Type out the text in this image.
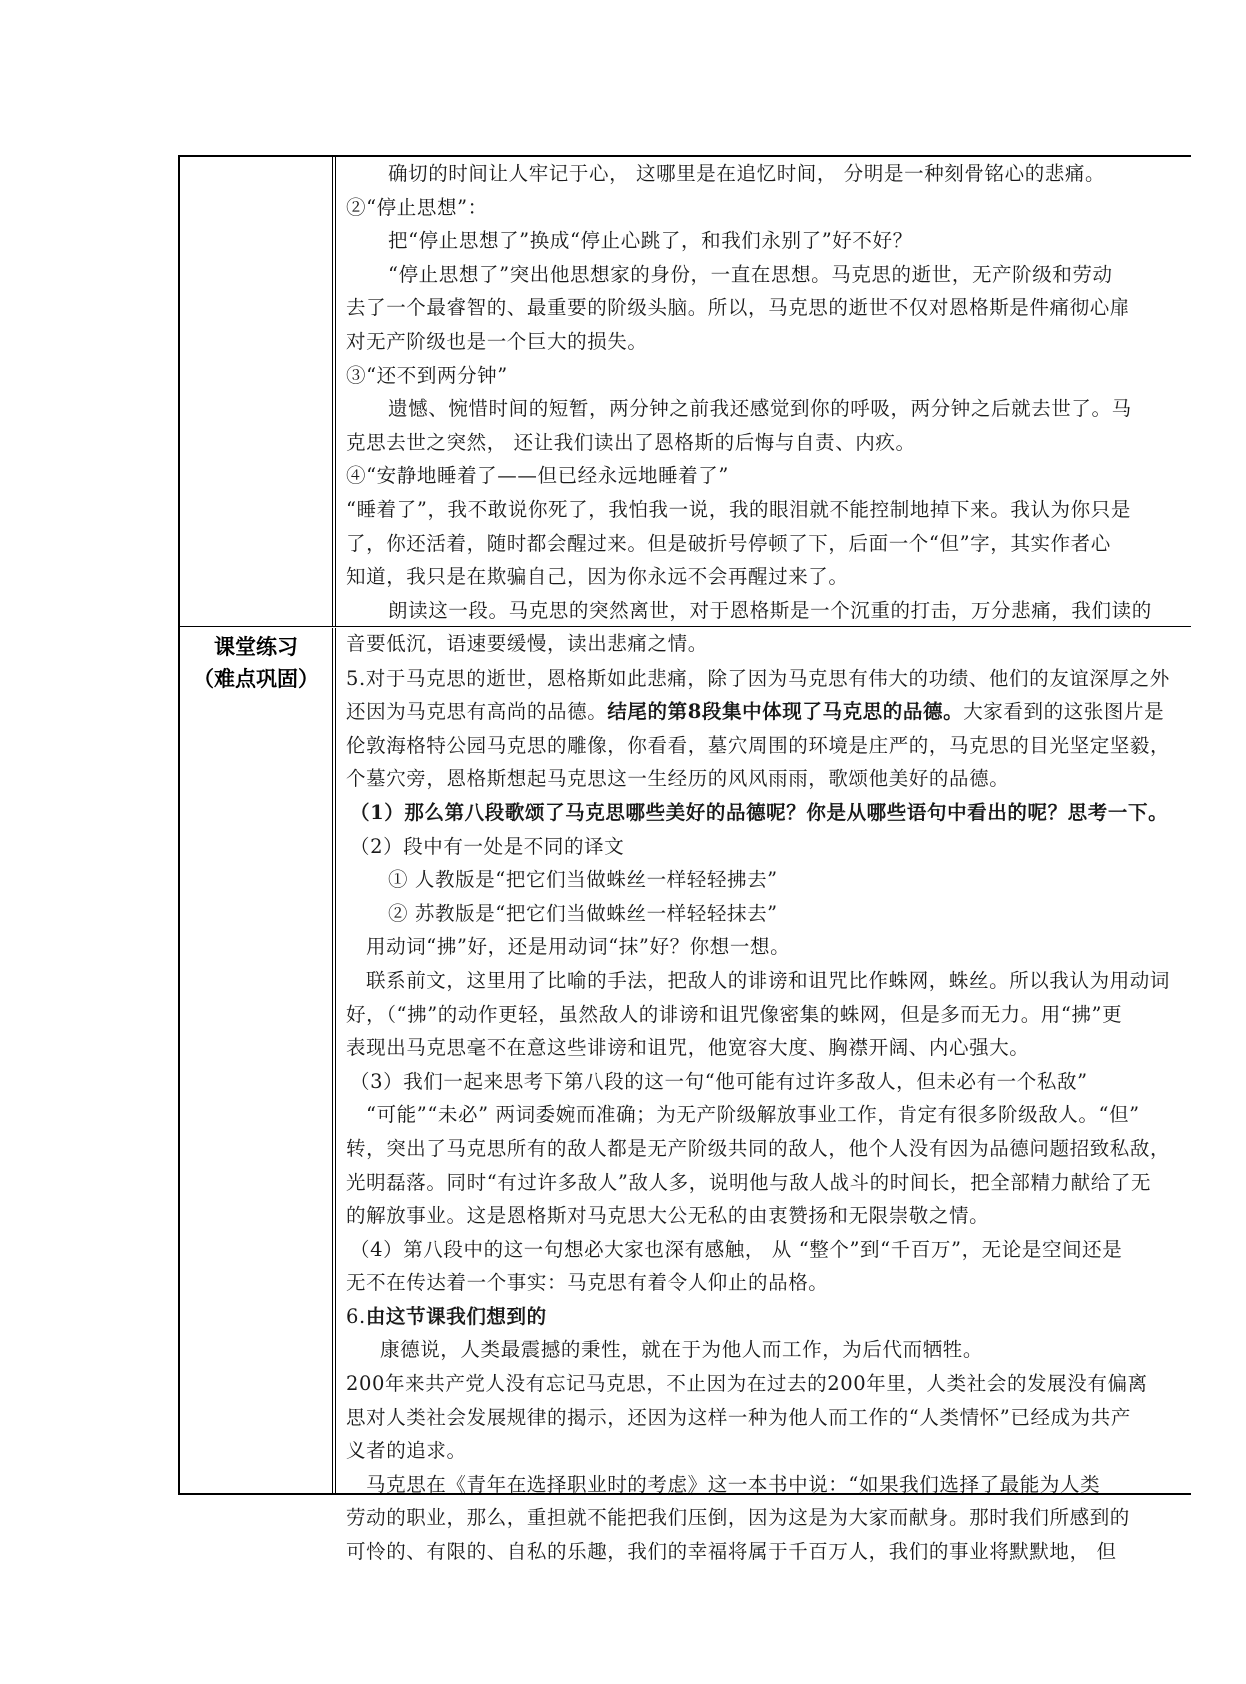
确切的时间让人牢记于心， 这哪里是在追忆时间， 分明是一种刻骨铭心的悲痛。
②“停止思想”：
把“停止思想了”换成“停止心跳了，和我们永别了”好不好？
“停止思想了”突出他思想家的身份，一直在思想。马克思的逝世，无产阶级和劳动
去了一个最睿智的、最重要的阶级头脑。所以，马克思的逝世不仅对恩格斯是件痛彻心扉
对无产阶级也是一个巨大的损失。
③“还不到两分钟”
遗憾、惋惜时间的短暂，两分钟之前我还感觉到你的呼吸，两分钟之后就去世了。马
克思去世之突然， 还让我们读出了恩格斯的后悔与自责、内疚。
④“安静地睡着了——但已经永远地睡着了”
“睡着了”，我不敢说你死了，我怕我一说，我的眼泪就不能控制地掉下来。我认为你只是
了，你还活着，随时都会醒过来。但是破折号停顿了下，后面一个“但”字，其实作者心
知道，我只是在欺骗自己，因为你永远不会再醒过来了。
朗读这一段。马克思的突然离世，对于恩格斯是一个沉重的打击，万分悲痛，我们读的
音要低沉，语速要缓慢，读出悲痛之情。
课堂练习
（难点巩固）	5.对于马克思的逝世，恩格斯如此悲痛，除了因为马克思有伟大的功绩、他们的友谊深厚之外
还因为马克思有高尚的品德。结尾的第8段集中体现了马克思的品德。大家看到的这张图片是
伦敦海格特公园马克思的雕像，你看看，墓穴周围的环境是庄严的，马克思的目光坚定坚毅，
个墓穴旁，恩格斯想起马克思这一生经历的风风雨雨，歌颂他美好的品德。
（1）那么第八段歌颂了马克思哪些美好的品德呢？你是从哪些语句中看出的呢？思考一下。
（2）段中有一处是不同的译文
① 人教版是“把它们当做蛛丝一样轻轻拂去”
② 苏教版是“把它们当做蛛丝一样轻轻抹去”
用动词“拂”好，还是用动词“抹”好？你想一想。
联系前文，这里用了比喻的手法，把敌人的诽谤和诅咒比作蛛网，蛛丝。所以我认为用动词
好，（“拂”的动作更轻，虽然敌人的诽谤和诅咒像密集的蛛网，但是多而无力。用“拂”更
表现出马克思毫不在意这些诽谤和诅咒，他宽容大度、胸襟开阔、内心强大。
（3）我们一起来思考下第八段的这一句“他可能有过许多敌人，但未必有一个私敌”
“可能”“未必” 两词委婉而准确；为无产阶级解放事业工作，肯定有很多阶级敌人。“但”
转，突出了马克思所有的敌人都是无产阶级共同的敌人，他个人没有因为品德问题招致私敌，
光明磊落。同时“有过许多敌人”敌人多，说明他与敌人战斗的时间长，把全部精力献给了无
的解放事业。这是恩格斯对马克思大公无私的由衷赞扬和无限崇敬之情。
（4）第八段中的这一句想必大家也深有感触， 从 “整个”到“千百万”，无论是空间还是
无不在传达着一个事实：马克思有着令人仰止的品格。
6.由这节课我们想到的
康德说，人类最震撼的秉性，就在于为他人而工作，为后代而牺牲。
200年来共产党人没有忘记马克思，不止因为在过去的200年里，人类社会的发展没有偏离
思对人类社会发展规律的揭示，还因为这样一种为他人而工作的“人类情怀”已经成为共产
义者的追求。
马克思在《青年在选择职业时的考虑》这一本书中说：“如果我们选择了最能为人类
劳动的职业，那么，重担就不能把我们压倒，因为这是为大家而献身。那时我们所感到的
可怜的、有限的、自私的乐趣，我们的幸福将属于千百万人，我们的事业将默默地， 但
